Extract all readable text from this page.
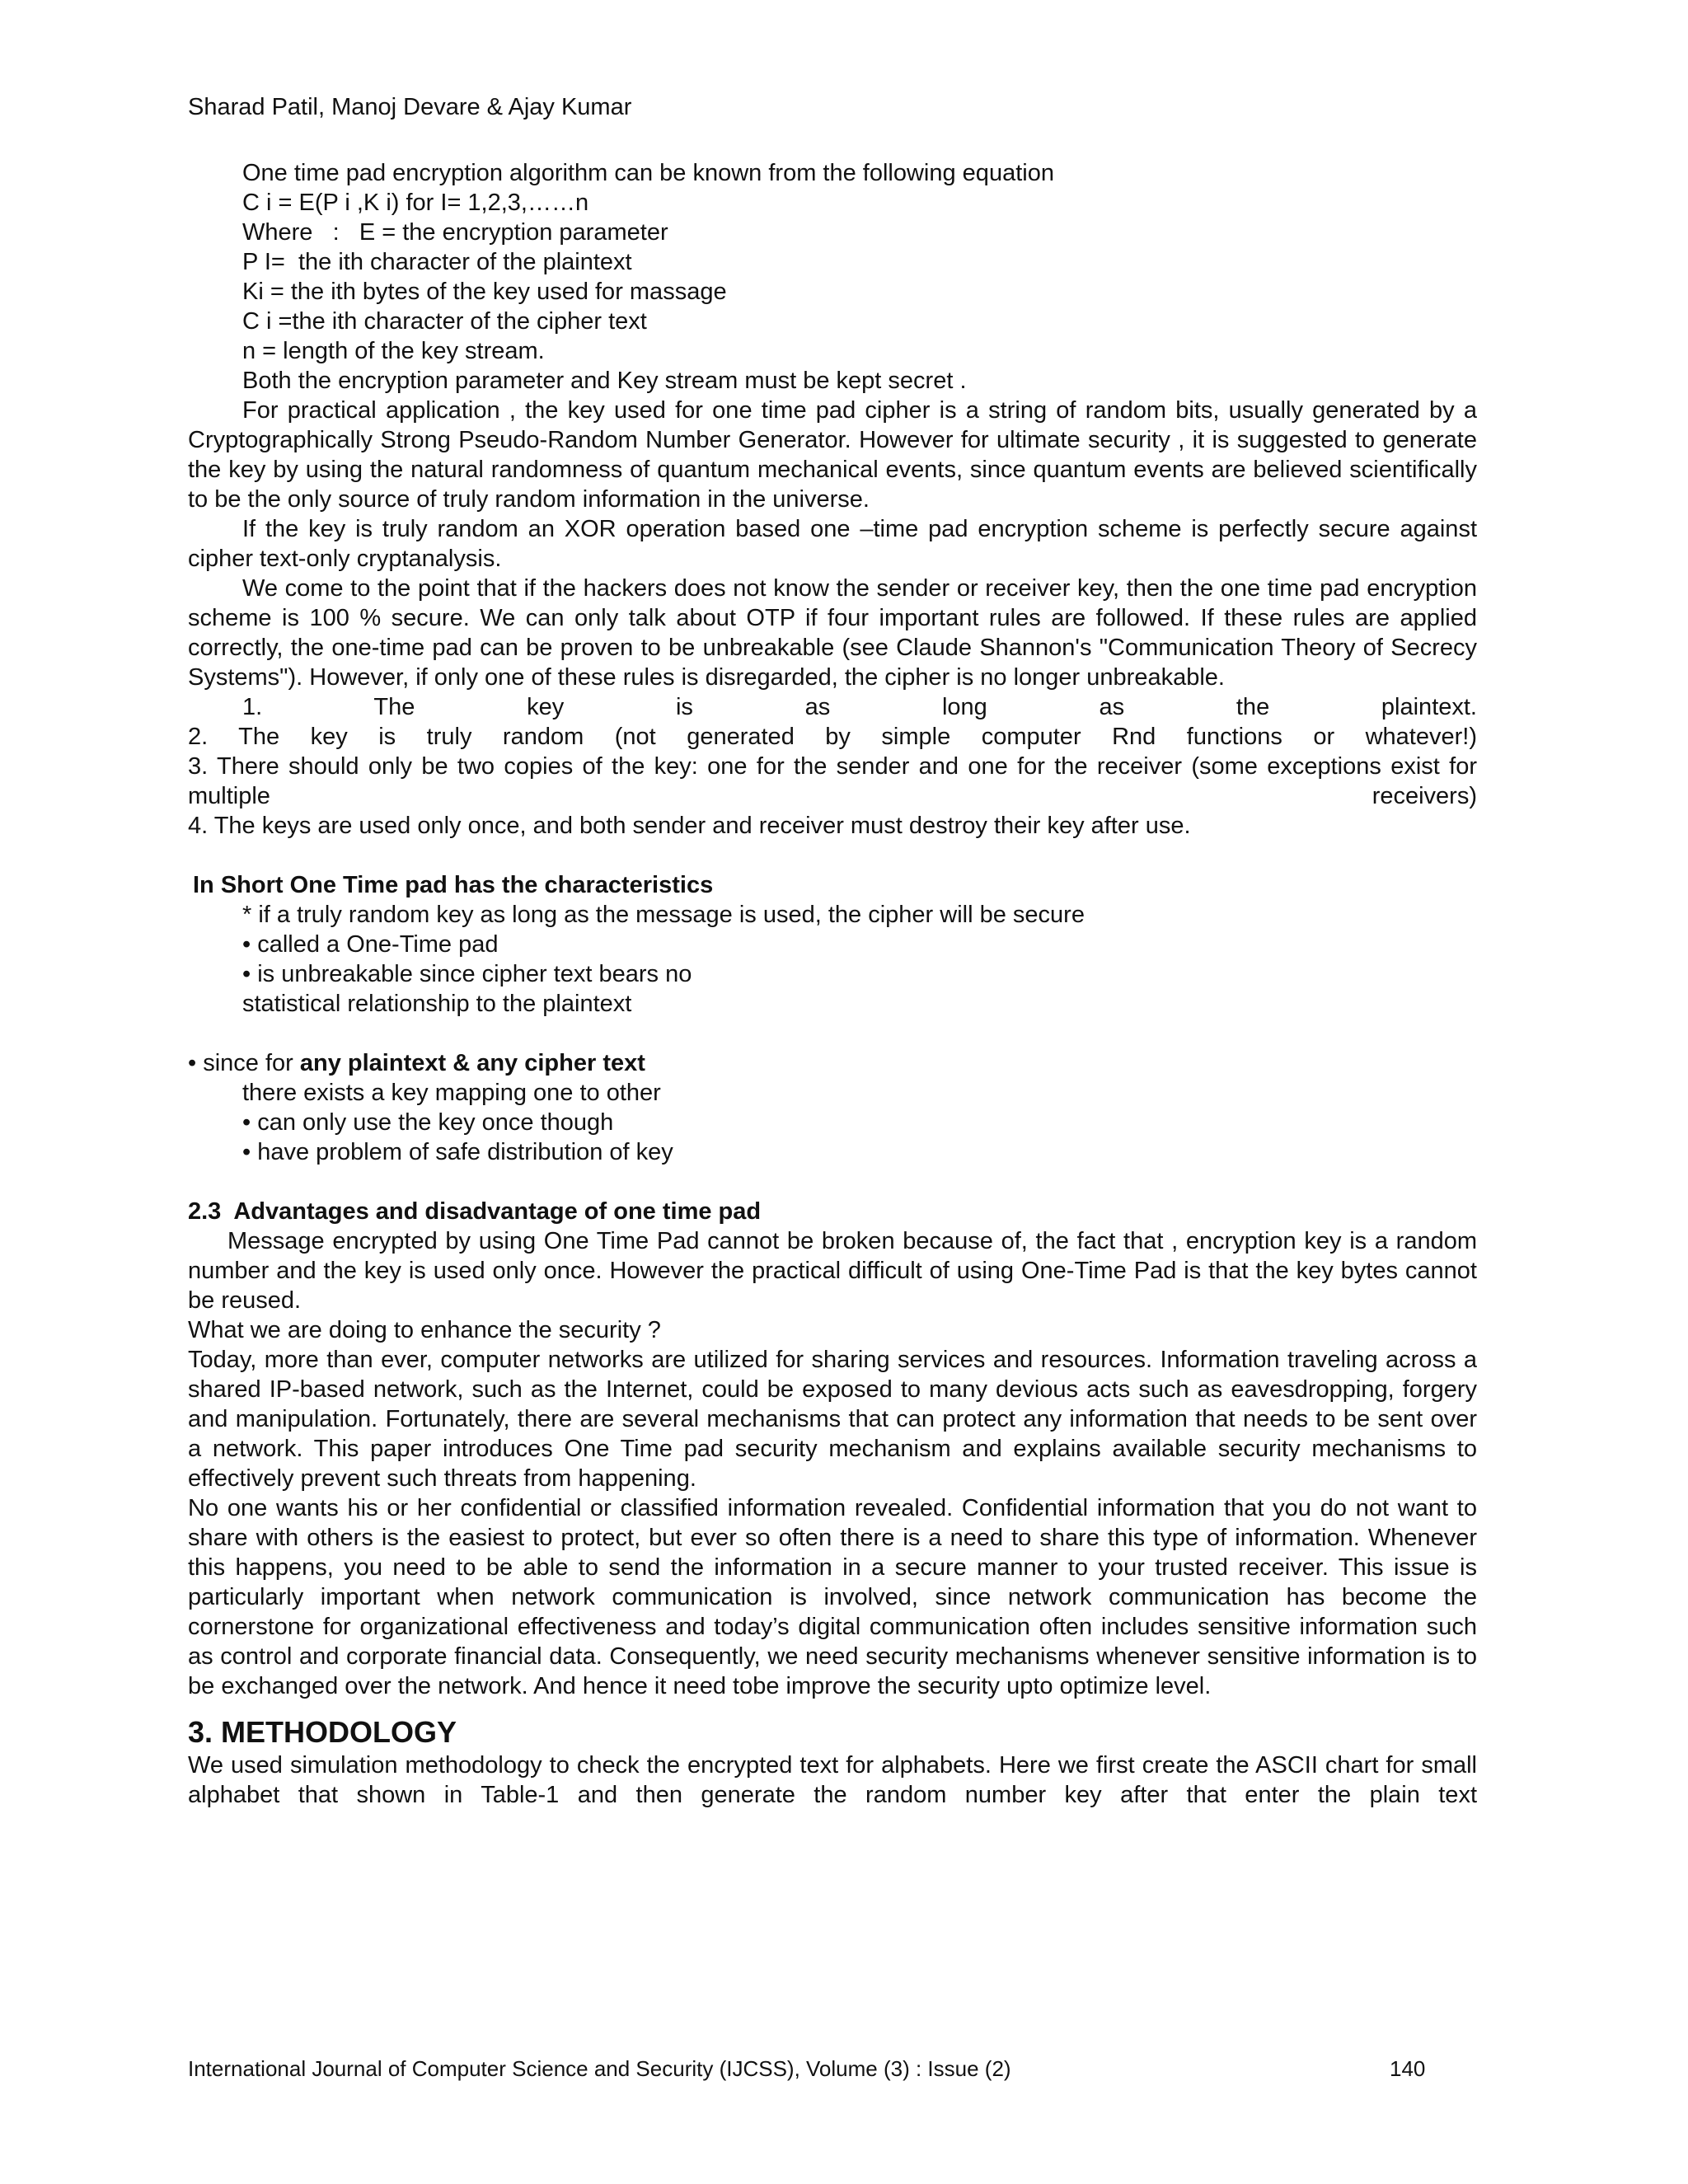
Sharad Patil, Manoj Devare & Ajay Kumar

One time pad encryption algorithm can be known from the following equation

C i = E(P i ,K i) for I= 1,2,3,……n

Where   :   E = the encryption parameter

P I=  the ith character of the plaintext

Ki = the ith bytes of the key used for massage

C i =the ith character of the cipher text

n = length of the key stream.

Both the encryption parameter and Key stream must be kept secret .

For practical application , the key used for one time pad cipher is a string of random bits, usually generated by a Cryptographically Strong Pseudo-Random Number Generator. However for ultimate security , it is suggested to generate the key by using the natural randomness of quantum mechanical events, since quantum events are believed scientifically to be the only source of truly random information in the universe.

If the key is truly random an XOR operation based one –time pad encryption scheme is perfectly secure against cipher text-only cryptanalysis.

We come to the point that if the hackers does not know the sender or receiver key, then the one time pad encryption scheme is 100 % secure. We can only talk about OTP if four important rules are followed. If these rules are applied correctly, the one-time pad can be proven to be unbreakable (see Claude Shannon's "Communication Theory of Secrecy Systems"). However, if only one of these rules is disregarded, the cipher is no longer unbreakable.

1. The key is as long as the plaintext.

2. The key is truly random (not generated by simple computer Rnd functions or whatever!)

3. There should only be two copies of the key: one for the sender and one for the receiver (some exceptions exist for multiple receivers)

4. The keys are used only once, and both sender and receiver must destroy their key after use.

In Short One Time pad has the characteristics

* if a truly random key as long as the message is used, the cipher will be secure

• called a One-Time pad

• is unbreakable since cipher text bears no

statistical relationship to the plaintext

• since for any plaintext & any cipher text

there exists a key mapping one to other

• can only use the key once though

• have problem of safe distribution of key

2.3  Advantages and disadvantage of one time pad

Message encrypted by using One Time Pad cannot be broken because of, the fact that , encryption key is a random number and the key is used only once. However the practical difficult of using One-Time Pad is that the key bytes cannot be reused.

What we are doing to enhance the security ?

Today, more than ever, computer networks are utilized for sharing services and resources. Information traveling across a shared IP-based network, such as the Internet, could be exposed to many devious acts such as eavesdropping, forgery and manipulation. Fortunately, there are several mechanisms that can protect any information that needs to be sent over a network. This paper introduces One Time pad security mechanism and explains available security mechanisms to effectively prevent such threats from happening.

No one wants his or her confidential or classified information revealed. Confidential information that you do not want to share with others is the easiest to protect, but ever so often there is a need to share this type of information. Whenever this happens, you need to be able to send the information in a secure manner to your trusted receiver. This issue is particularly important when network communication is involved, since network communication has become the cornerstone for organizational effectiveness and today’s digital communication often includes sensitive information such as control and corporate financial data. Consequently, we need security mechanisms whenever sensitive information is to be exchanged over the network. And hence it need tobe improve the security upto optimize level.

3. METHODOLOGY

We used simulation methodology to check the encrypted text for alphabets. Here we first create the ASCII chart for small alphabet that shown in Table-1 and then generate the random number key after that enter the plain text

International Journal of Computer Science and Security (IJCSS), Volume (3) : Issue (2)	140
